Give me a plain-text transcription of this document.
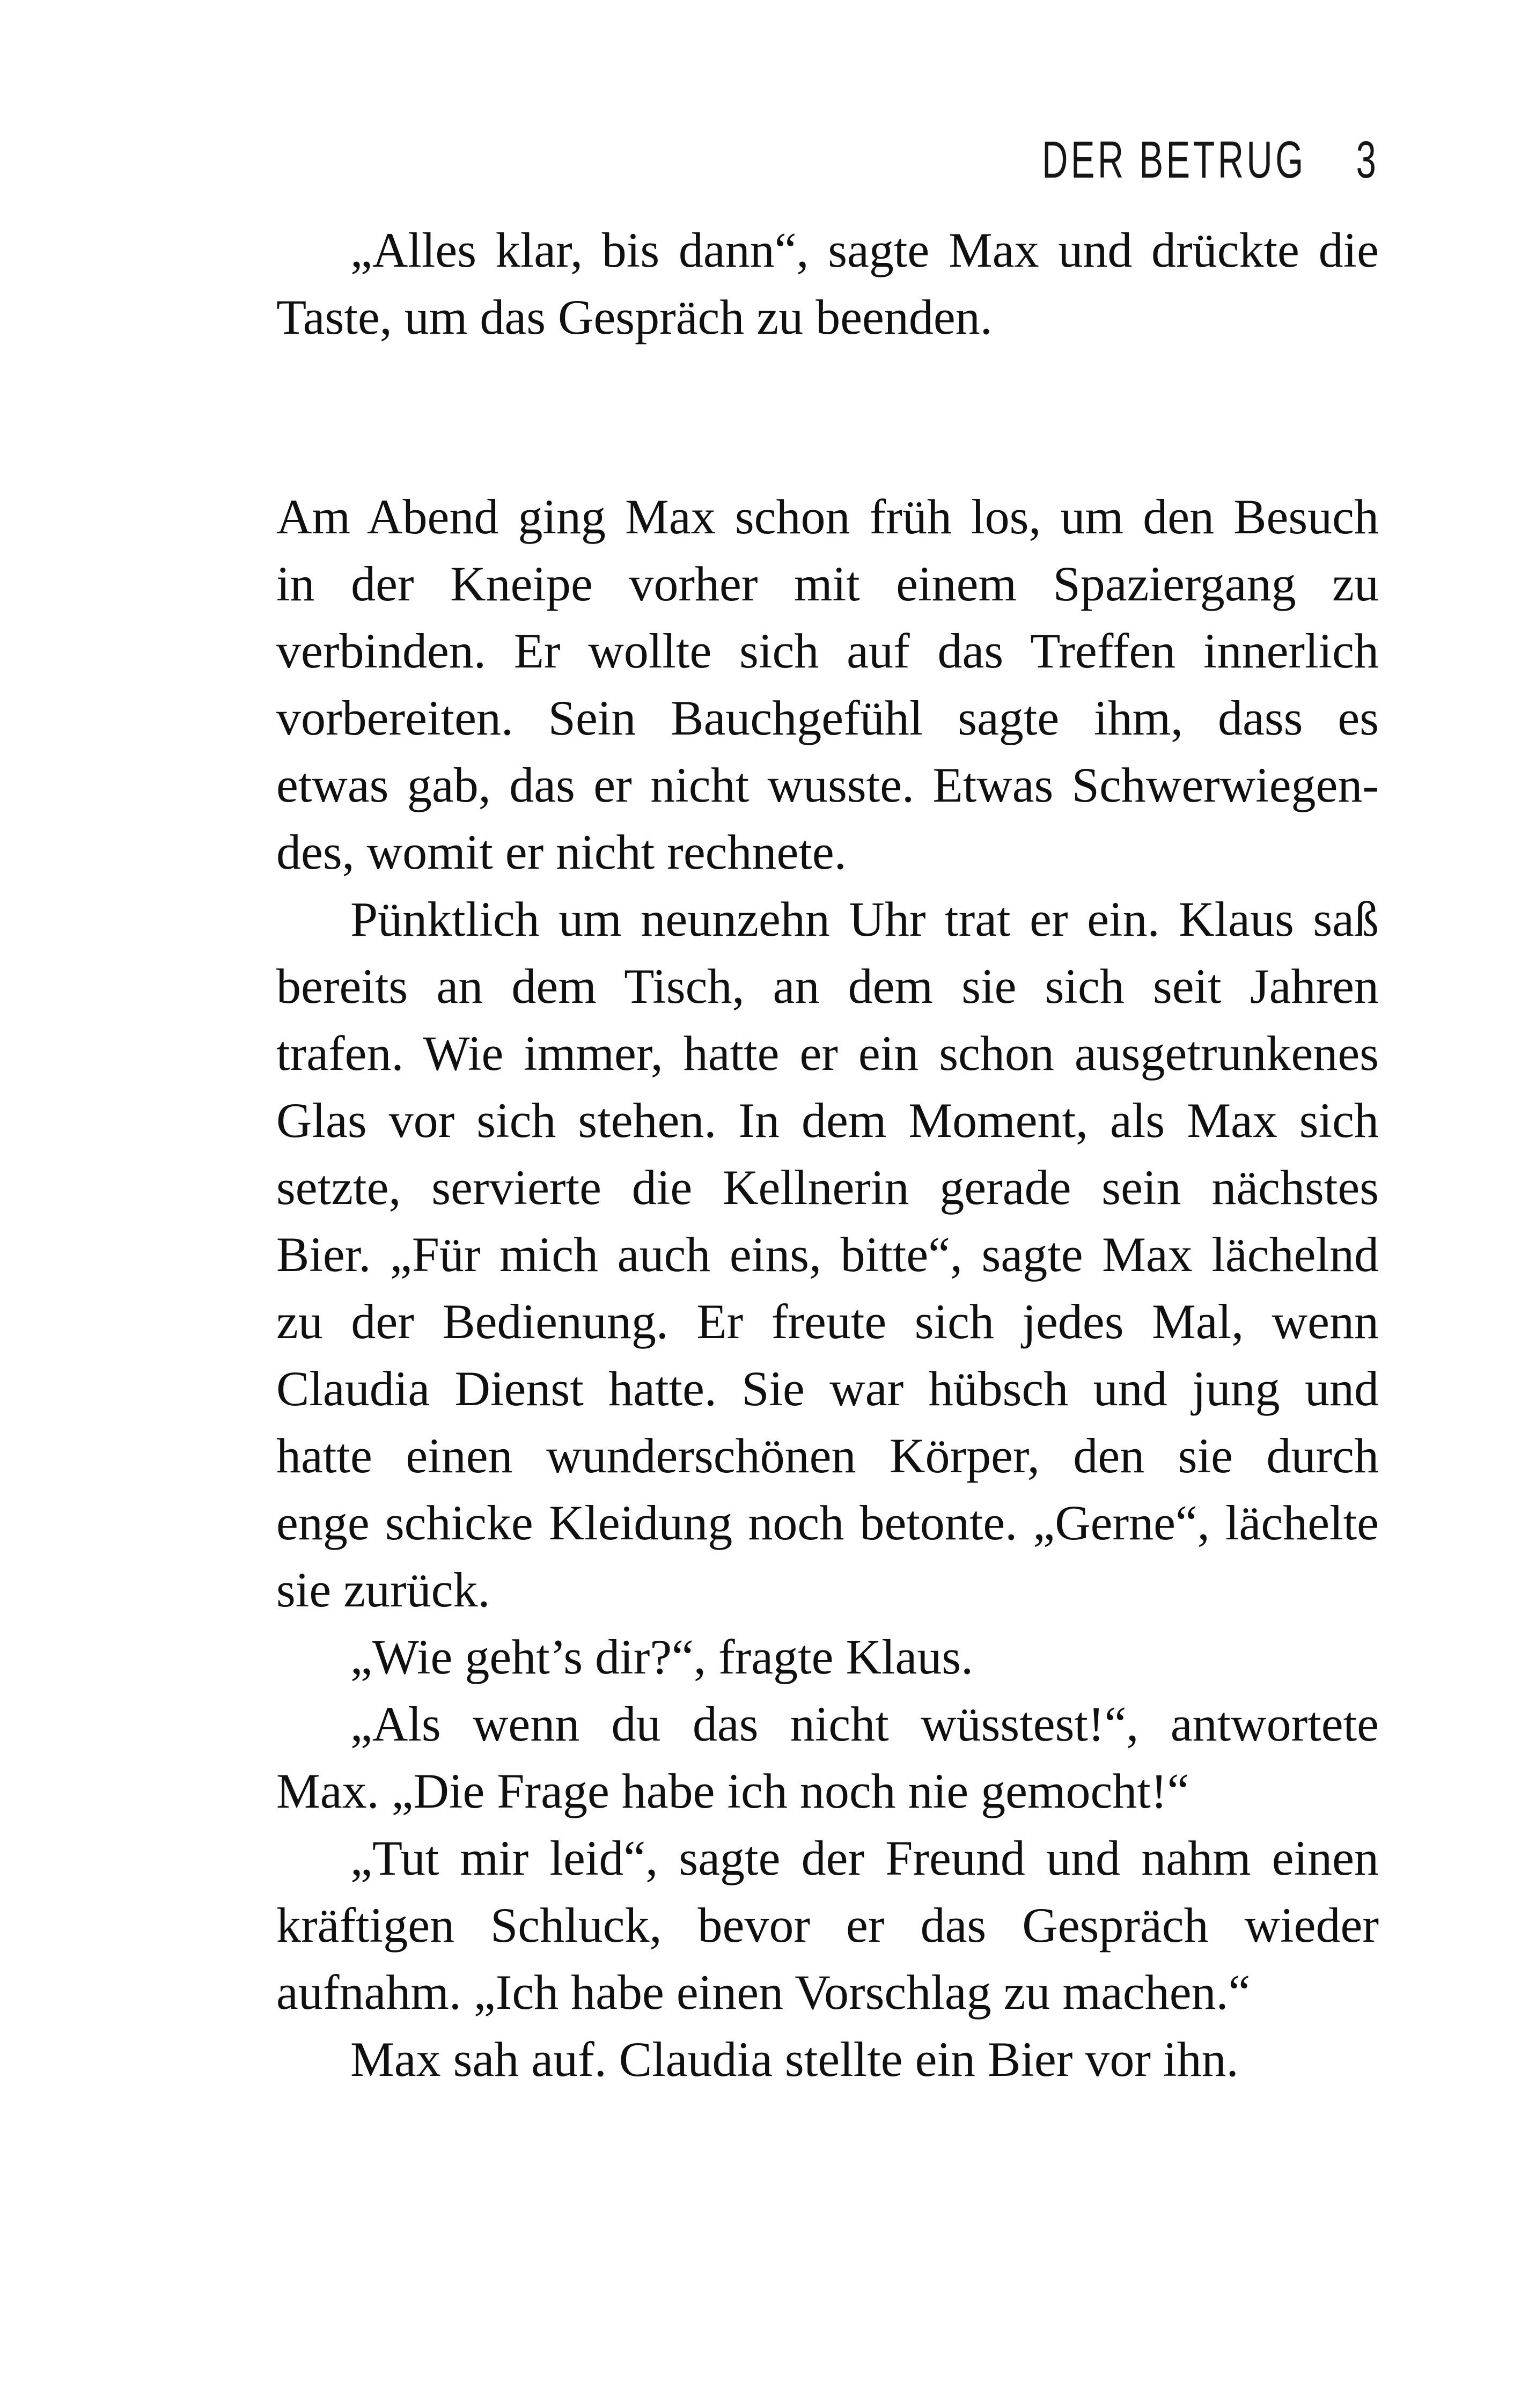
DER BETRUG 3
„Alles klar, bis dann“, sagte Max und drückte die
Taste, um das Gespräch zu beenden.
Am Abend ging Max schon früh los, um den Besuch
in der Kneipe vorher mit einem Spaziergang zu
verbinden. Er wollte sich auf das Treffen innerlich
vorbereiten. Sein Bauchgefühl sagte ihm, dass es
etwas gab, das er nicht wusste. Etwas Schwerwiegen-
des, womit er nicht rechnete.
Pünktlich um neunzehn Uhr trat er ein. Klaus saß
bereits an dem Tisch, an dem sie sich seit Jahren
trafen. Wie immer, hatte er ein schon ausgetrunkenes
Glas vor sich stehen. In dem Moment, als Max sich
setzte, servierte die Kellnerin gerade sein nächstes
Bier. „Für mich auch eins, bitte“, sagte Max lächelnd
zu der Bedienung. Er freute sich jedes Mal, wenn
Claudia Dienst hatte. Sie war hübsch und jung und
hatte einen wunderschönen Körper, den sie durch
enge schicke Kleidung noch betonte. „Gerne“, lächelte
sie zurück.
„Wie geht’s dir?“, fragte Klaus.
„Als wenn du das nicht wüsstest!“, antwortete
Max. „Die Frage habe ich noch nie gemocht!“
„Tut mir leid“, sagte der Freund und nahm einen
kräftigen Schluck, bevor er das Gespräch wieder
aufnahm. „Ich habe einen Vorschlag zu machen.“
Max sah auf. Claudia stellte ein Bier vor ihn.
